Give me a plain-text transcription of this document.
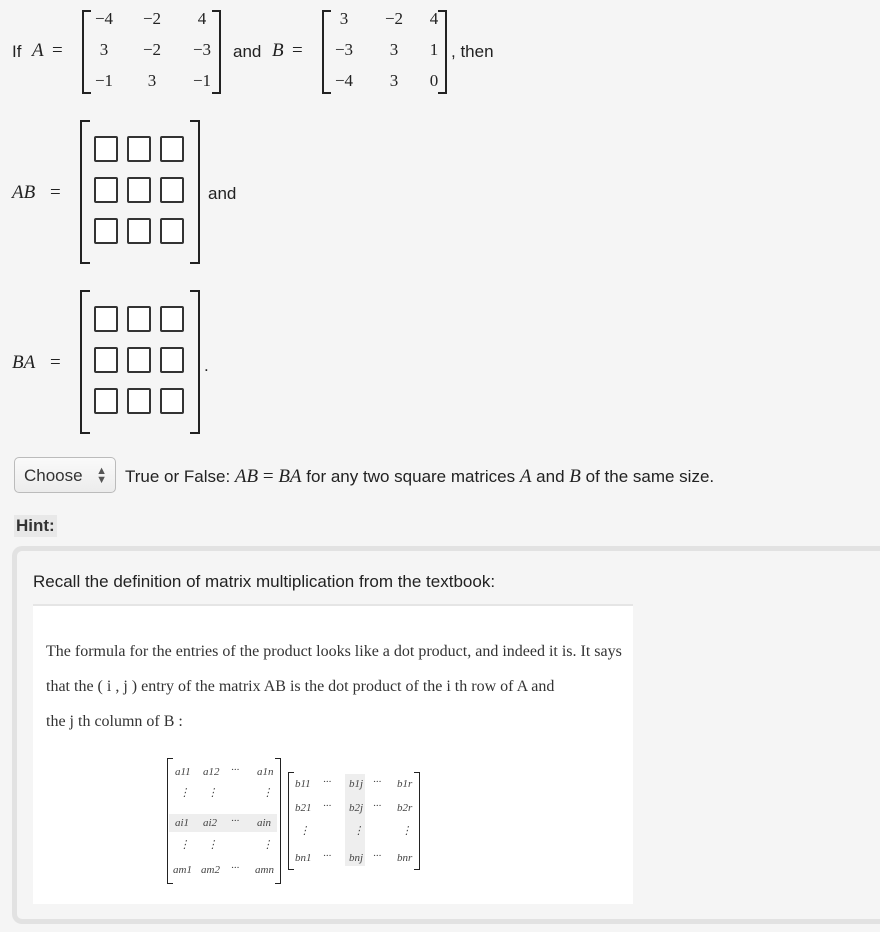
If A =
−4	−2	4
3	−2	−3
−1	3	−1
and B =
3	−2	4
−3	3	1
−4	3	0
, then
AB =	and
BA =	.
Choose ▲
▼ True or False: AB = BA for any two square matrices A and B of the same size.
Hint:
Recall the definition of matrix multiplication from the textbook:
The formula for the entries of the product looks like a dot product, and indeed it is. It says
that the ( i , j ) entry of the matrix AB is the dot product of the i th row of A and
the j th column of B :
a11 a12 ··· a1n
⋮ ⋮	⋮
ai1 ai2 ··· ain
⋮ ⋮	⋮
am1 am2 ··· amn
b11 ··· b1j ··· b1r
b21 ··· b2j ··· b2r
⋮	⋮	⋮
bn1 ··· bnj ··· bnr
